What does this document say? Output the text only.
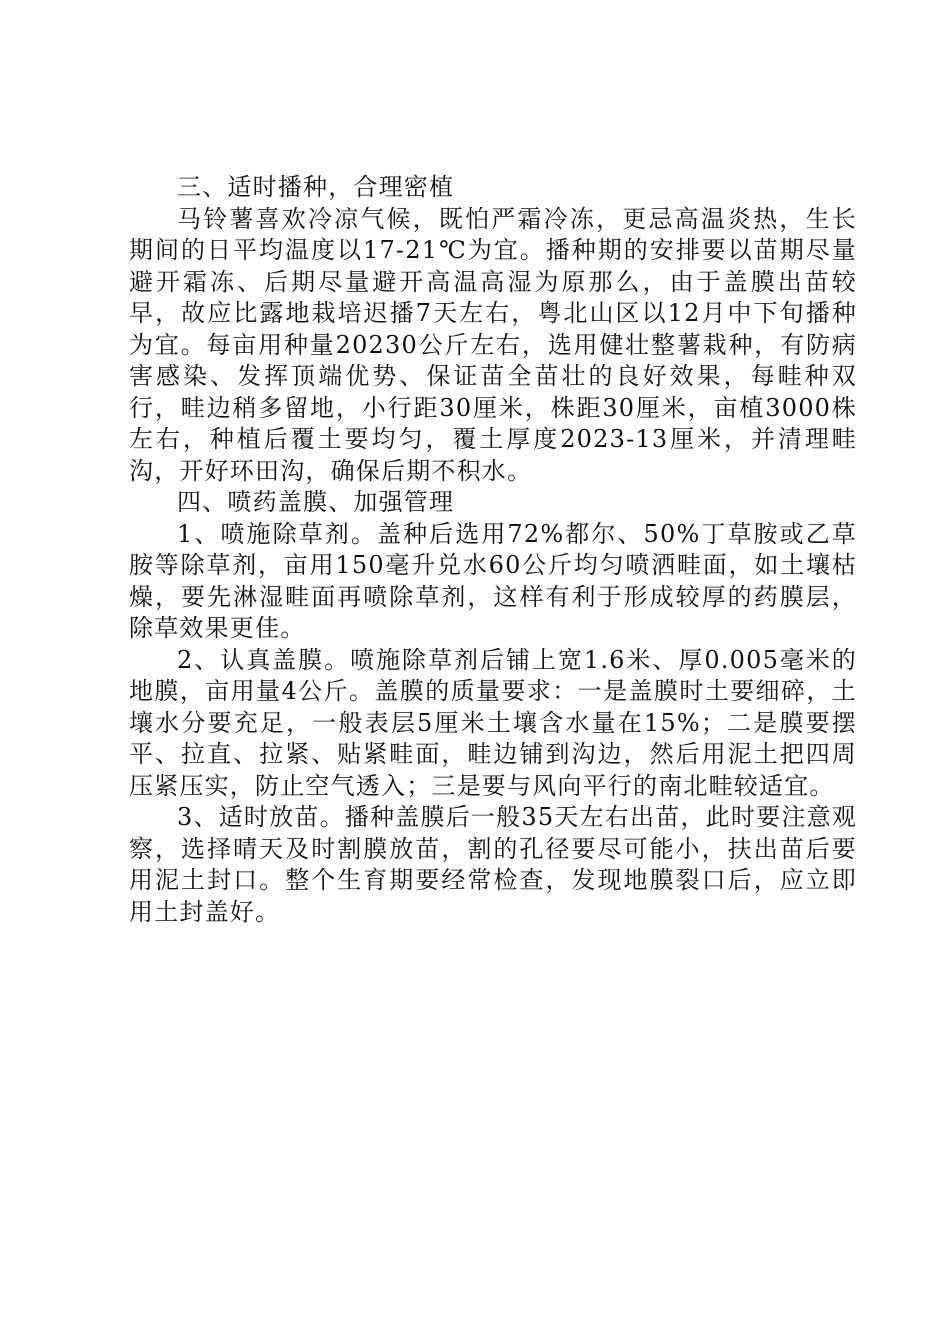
三、适时播种，合理密植

马铃薯喜欢冷凉气候，既怕严霜冷冻，更忌高温炎热，生长期间的日平均温度以17-21℃为宜。播种期的安排要以苗期尽量避开霜冻、后期尽量避开高温高湿为原那么，由于盖膜出苗较早，故应比露地栽培迟播7天左右，粤北山区以12月中下旬播种为宜。每亩用种量20230公斤左右，选用健壮整薯栽种，有防病害感染、发挥顶端优势、保证苗全苗壮的良好效果，每畦种双行，畦边稍多留地，小行距30厘米，株距30厘米，亩植3000株左右，种植后覆土要均匀，覆土厚度2023-13厘米，并清理畦沟，开好环田沟，确保后期不积水。

四、喷药盖膜、加强管理

1、喷施除草剂。盖种后选用72%都尔、50%丁草胺或乙草胺等除草剂，亩用150毫升兑水60公斤均匀喷洒畦面，如土壤枯燥，要先淋湿畦面再喷除草剂，这样有利于形成较厚的药膜层，除草效果更佳。

2、认真盖膜。喷施除草剂后铺上宽1.6米、厚0.005毫米的地膜，亩用量4公斤。盖膜的质量要求：一是盖膜时土要细碎，土壤水分要充足，一般表层5厘米土壤含水量在15%；二是膜要摆平、拉直、拉紧、贴紧畦面，畦边铺到沟边，然后用泥土把四周压紧压实，防止空气透入；三是要与风向平行的南北畦较适宜。

3、适时放苗。播种盖膜后一般35天左右出苗，此时要注意观察，选择晴天及时割膜放苗，割的孔径要尽可能小，扶出苗后要用泥土封口。整个生育期要经常检查，发现地膜裂口后，应立即用土封盖好。
